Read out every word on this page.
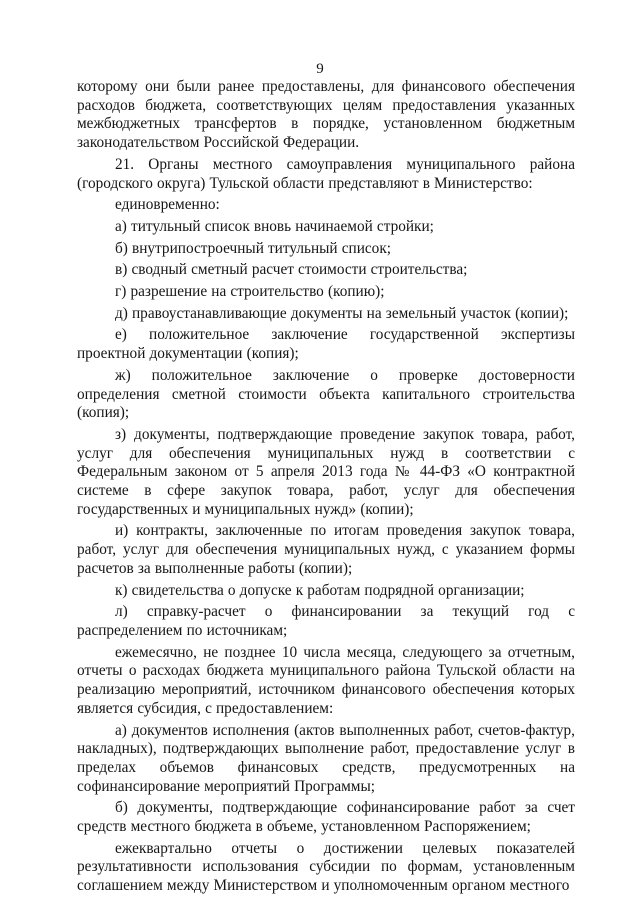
9

которому они были ранее предоставлены, для финансового обеспечения расходов бюджета, соответствующих целям предоставления указанных межбюджетных трансфертов в порядке, установленном бюджетным законодательством Российской Федерации.

21. Органы местного самоуправления муниципального района (городского округа) Тульской области представляют в Министерство:

единовременно:

а) титульный список вновь начинаемой стройки;

б) внутрипостроечный титульный список;

в) сводный сметный расчет стоимости строительства;

г) разрешение на строительство (копию);

д) правоустанавливающие документы на земельный участок (копии);

е) положительное заключение государственной экспертизы проектной документации (копия);

ж) положительное заключение о проверке достоверности определения сметной стоимости объекта капитального строительства (копия);

з) документы, подтверждающие проведение закупок товара, работ, услуг для обеспечения муниципальных нужд в соответствии с Федеральным законом от 5 апреля 2013 года № 44-ФЗ «О контрактной системе в сфере закупок товара, работ, услуг для обеспечения государственных и муниципальных нужд» (копии);

и) контракты, заключенные по итогам проведения закупок товара, работ, услуг для обеспечения муниципальных нужд, с указанием формы расчетов за выполненные работы (копии);

к) свидетельства о допуске к работам подрядной организации;

л) справку-расчет о финансировании за текущий год с распределением по источникам;

ежемесячно, не позднее 10 числа месяца, следующего за отчетным, отчеты о расходах бюджета муниципального района Тульской области на реализацию мероприятий, источником финансового обеспечения которых является субсидия, с предоставлением:

а) документов исполнения (актов выполненных работ, счетов-фактур, накладных), подтверждающих выполнение работ, предоставление услуг в пределах объемов финансовых средств, предусмотренных на софинансирование мероприятий Программы;

б) документы, подтверждающие софинансирование работ за счет средств местного бюджета в объеме, установленном Распоряжением;

ежеквартально отчеты о достижении целевых показателей результативности использования субсидии по формам, установленным соглашением между Министерством и уполномоченным органом местного
